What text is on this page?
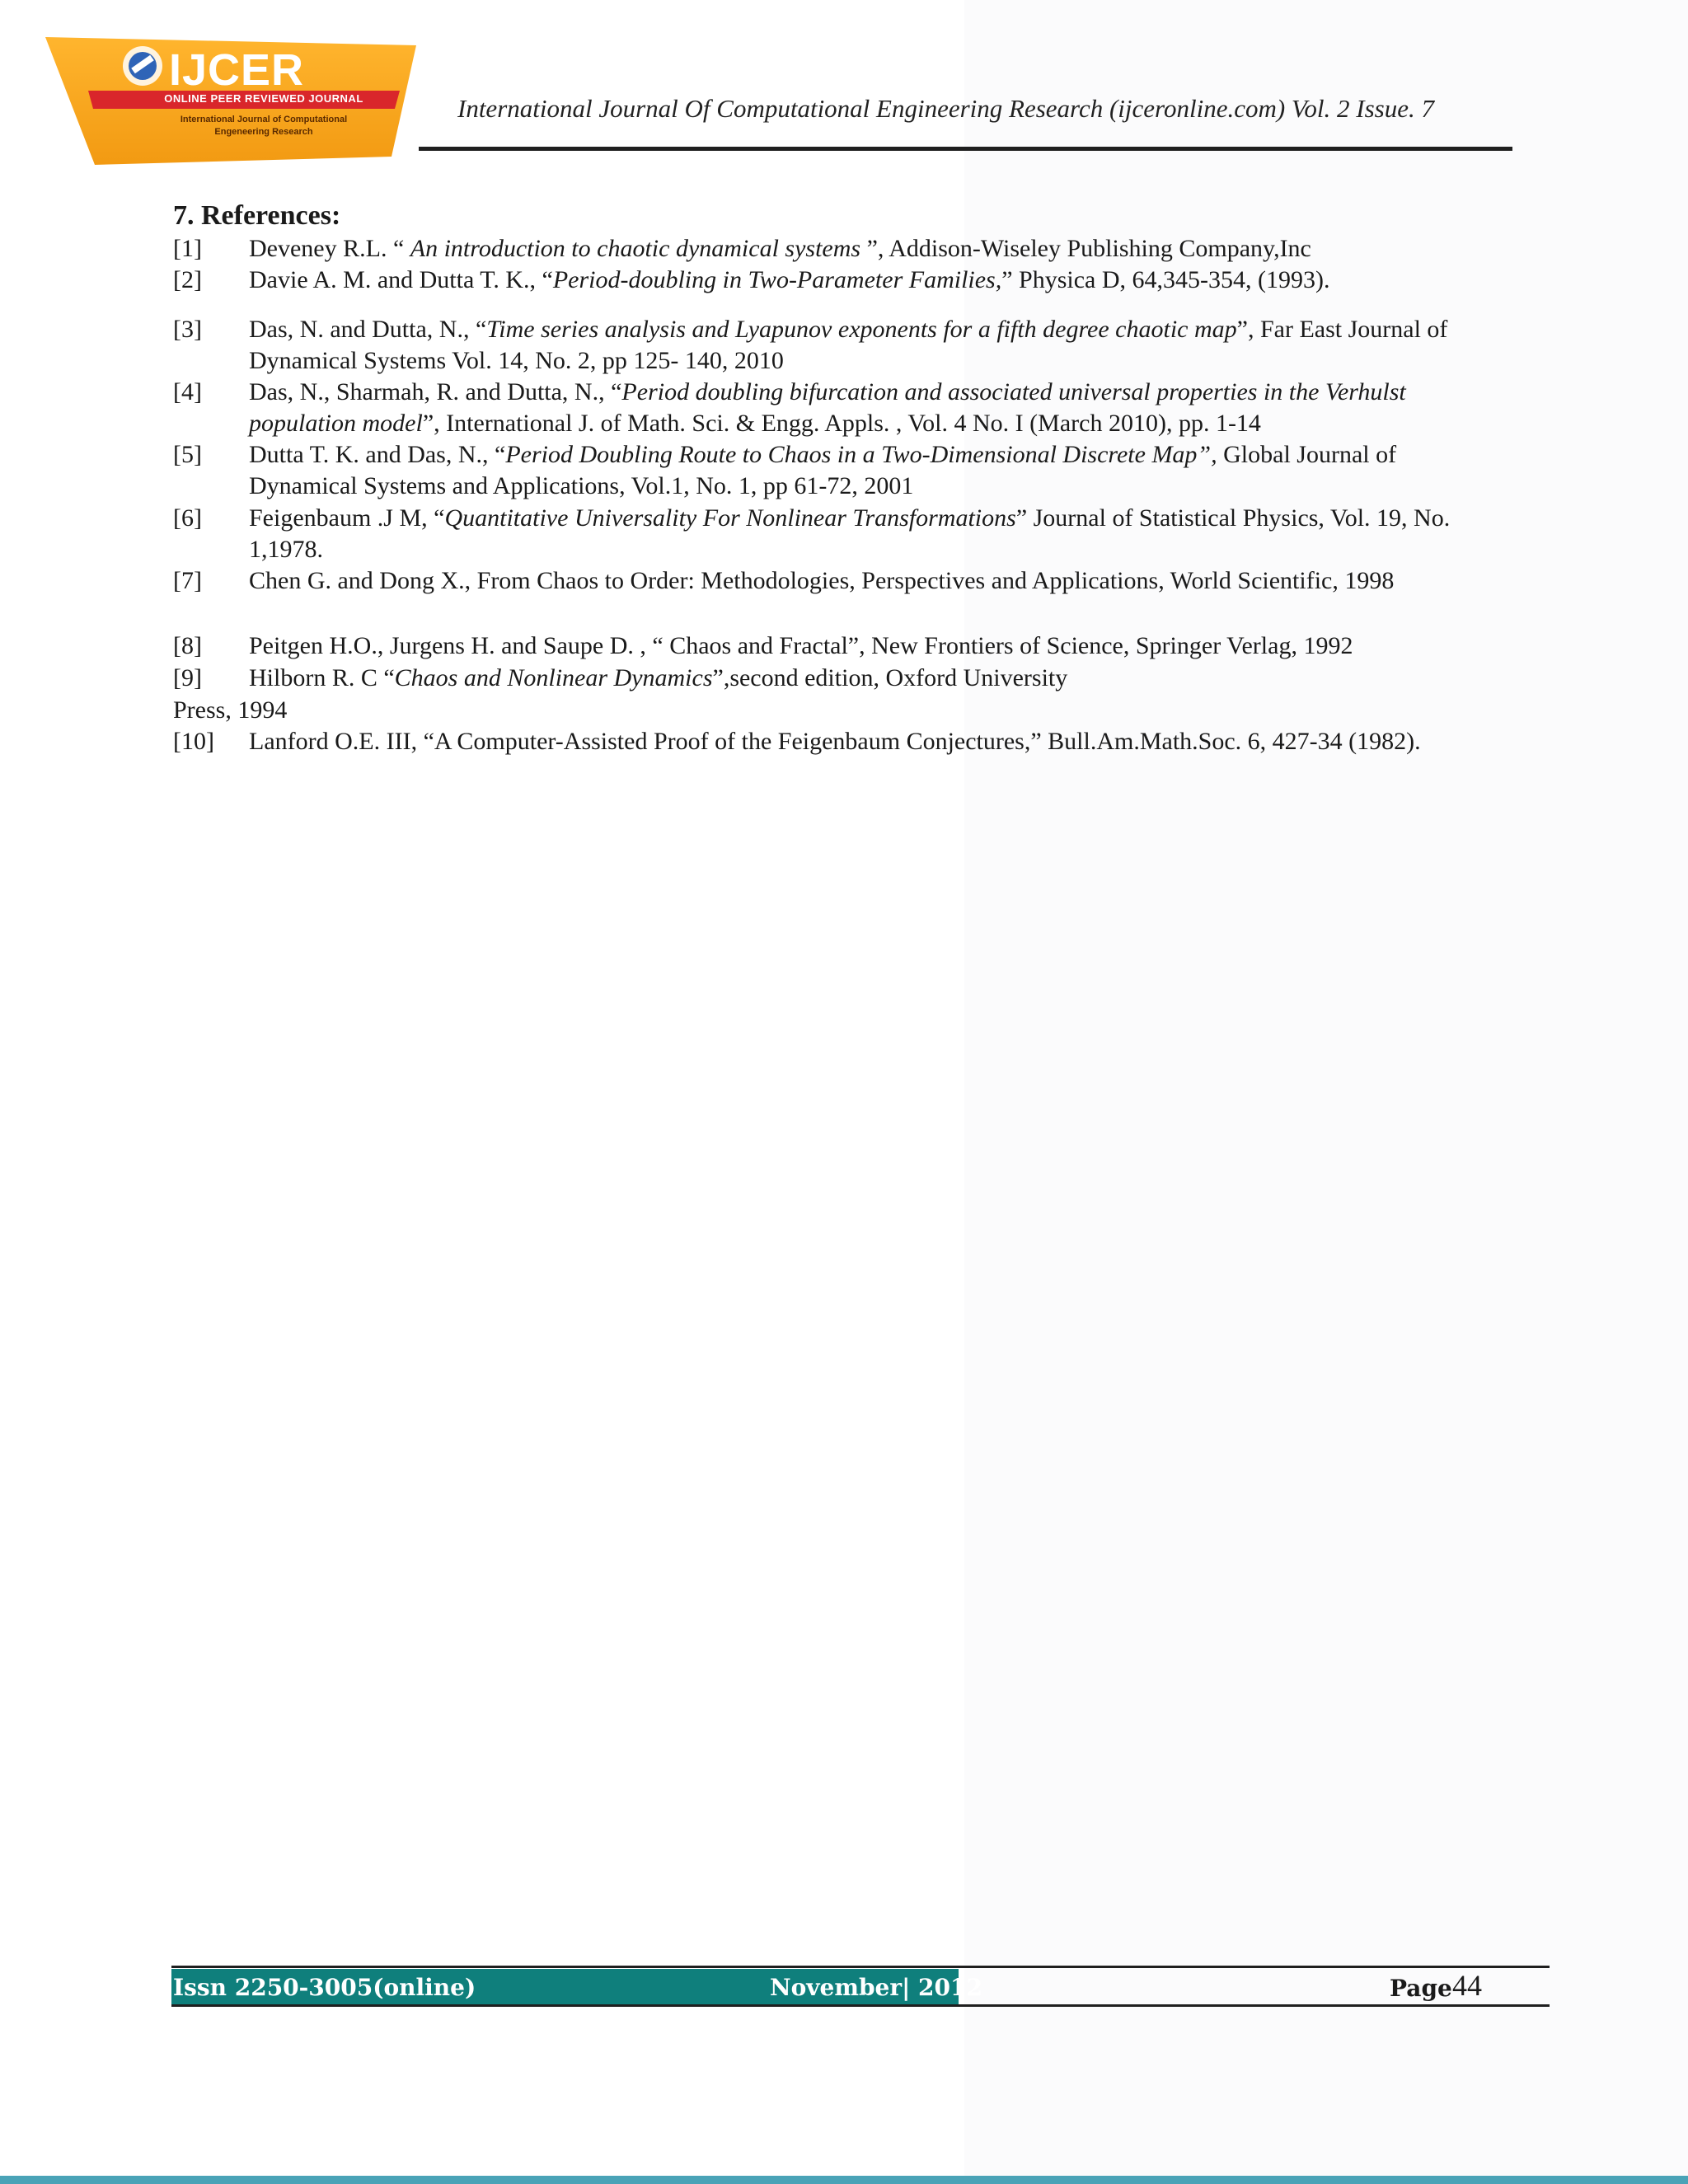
IJCER
ONLINE PEER REVIEWED JOURNAL
International Journal of Computational
Engeneering Research
International Journal Of Computational Engineering Research (ijceronline.com) Vol. 2 Issue. 7
7. References:
[1] Deveney R.L. “ An introduction to chaotic dynamical systems ”, Addison-Wiseley Publishing Company,Inc
[2] Davie A. M. and Dutta T. K., “Period-doubling in Two-Parameter Families,” Physica D, 64,345-354, (1993).
[3] Das, N. and Dutta, N., “Time series analysis and Lyapunov exponents for a fifth degree chaotic map”, Far East Journal of Dynamical Systems Vol. 14, No. 2, pp 125- 140, 2010
[4] Das, N., Sharmah, R. and Dutta, N., “Period doubling bifurcation and associated universal properties in the Verhulst population model”, International J. of Math. Sci. & Engg. Appls. , Vol. 4 No. I (March 2010), pp. 1-14
[5] Dutta T. K. and Das, N., “Period Doubling Route to Chaos in a Two-Dimensional Discrete Map”, Global Journal of Dynamical Systems and Applications, Vol.1, No. 1, pp 61-72, 2001
[6] Feigenbaum .J M, “Quantitative Universality For Nonlinear Transformations” Journal of Statistical Physics, Vol. 19, No. 1,1978.
[7] Chen G. and Dong X., From Chaos to Order: Methodologies, Perspectives and Applications, World Scientific, 1998
[8] Peitgen H.O., Jurgens H. and Saupe D. , “ Chaos and Fractal”, New Frontiers of Science, Springer Verlag, 1992
[9] Hilborn R. C “Chaos and Nonlinear Dynamics”,second edition, Oxford University
Press, 1994
[10] Lanford O.E. III, “A Computer-Assisted Proof of the Feigenbaum Conjectures,” Bull.Am.Math.Soc. 6, 427-34 (1982).
Issn 2250-3005(online)	November| 2012	Page 44
